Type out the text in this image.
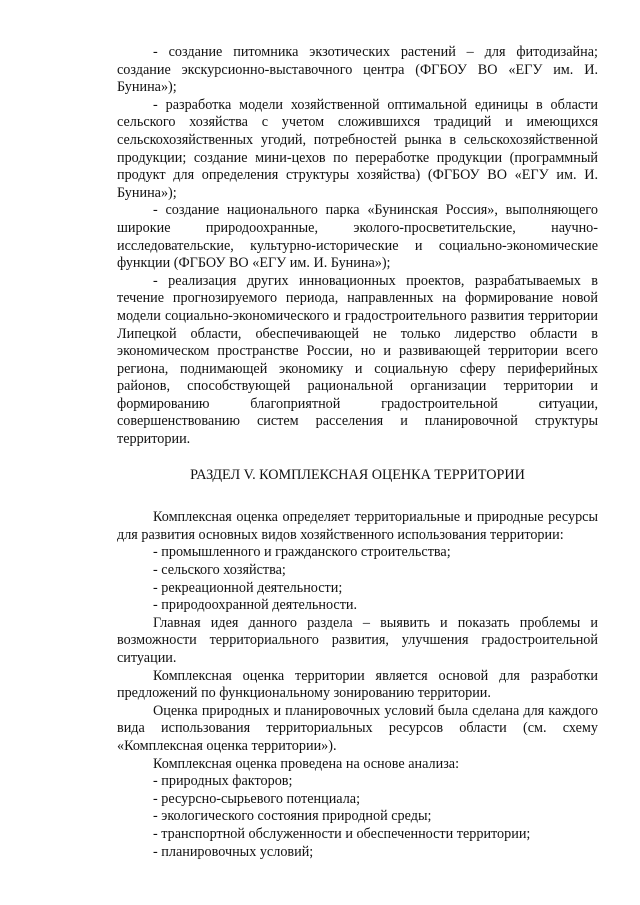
- создание питомника экзотических растений – для фитодизайна; создание экскурсионно-выставочного центра (ФГБОУ ВО «ЕГУ им. И. Бунина»);

- разработка модели хозяйственной оптимальной единицы в области сельского хозяйства с учетом сложившихся традиций и имеющихся сельскохозяйственных угодий, потребностей рынка в сельскохозяйственной продукции; создание мини-цехов по переработке продукции (программный продукт для определения структуры хозяйства) (ФГБОУ ВО «ЕГУ им. И. Бунина»);

- создание национального парка «Бунинская Россия», выполняющего широкие природоохранные, эколого-просветительские, научно-исследовательские, культурно-исторические и социально-экономические функции (ФГБОУ ВО «ЕГУ им. И. Бунина»);

- реализация других инновационных проектов, разрабатываемых в течение прогнозируемого периода, направленных на формирование новой модели социально-экономического и градостроительного развития территории Липецкой области, обеспечивающей не только лидерство области в экономическом пространстве России, но и развивающей территории всего региона, поднимающей экономику и социальную сферу периферийных районов, способствующей рациональной организации территории и формированию благоприятной градостроительной ситуации, совершенствованию систем расселения и планировочной структуры территории.

РАЗДЕЛ V. КОМПЛЕКСНАЯ ОЦЕНКА ТЕРРИТОРИИ

Комплексная оценка определяет территориальные и природные ресурсы для развития основных видов хозяйственного использования территории:

- промышленного и гражданского строительства;

- сельского хозяйства;

- рекреационной деятельности;

- природоохранной деятельности.

Главная идея данного раздела – выявить и показать проблемы и возможности территориального развития, улучшения градостроительной ситуации.

Комплексная оценка территории является основой для разработки предложений по функциональному зонированию территории.

Оценка природных и планировочных условий была сделана для каждого вида использования территориальных ресурсов области (см. схему «Комплексная оценка территории»).

Комплексная оценка проведена на основе анализа:

- природных факторов;

- ресурсно-сырьевого потенциала;

- экологического состояния природной среды;

- транспортной обслуженности и обеспеченности территории;

- планировочных условий;
